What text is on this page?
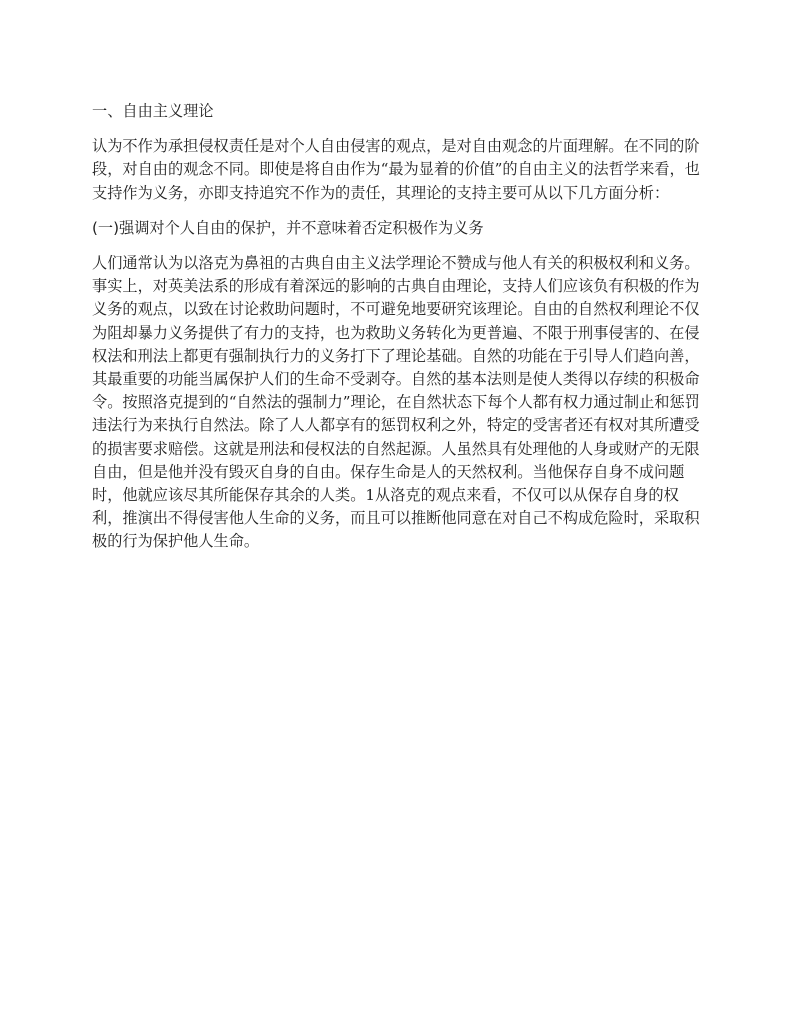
一、自由主义理论

认为不作为承担侵权责任是对个人自由侵害的观点，是对自由观念的片面理解。在不同的阶段，对自由的观念不同。即使是将自由作为“最为显着的价值”的自由主义的法哲学来看，也支持作为义务，亦即支持追究不作为的责任，其理论的支持主要可从以下几方面分析：

(一)强调对个人自由的保护，并不意味着否定积极作为义务

人们通常认为以洛克为鼻祖的古典自由主义法学理论不赞成与他人有关的积极权利和义务。事实上，对英美法系的形成有着深远的影响的古典自由理论，支持人们应该负有积极的作为义务的观点，以致在讨论救助问题时，不可避免地要研究该理论。自由的自然权利理论不仅为阻却暴力义务提供了有力的支持，也为救助义务转化为更普遍、不限于刑事侵害的、在侵权法和刑法上都更有强制执行力的义务打下了理论基础。自然的功能在于引导人们趋向善，其最重要的功能当属保护人们的生命不受剥夺。自然的基本法则是使人类得以存续的积极命令。按照洛克提到的“自然法的强制力”理论，在自然状态下每个人都有权力通过制止和惩罚违法行为来执行自然法。除了人人都享有的惩罚权利之外，特定的受害者还有权对其所遭受的损害要求赔偿。这就是刑法和侵权法的自然起源。人虽然具有处理他的人身或财产的无限自由，但是他并没有毁灭自身的自由。保存生命是人的天然权利。当他保存自身不成问题时，他就应该尽其所能保存其余的人类。1从洛克的观点来看，不仅可以从保存自身的权利，推演出不得侵害他人生命的义务，而且可以推断他同意在对自己不构成危险时，采取积极的行为保护他人生命。
